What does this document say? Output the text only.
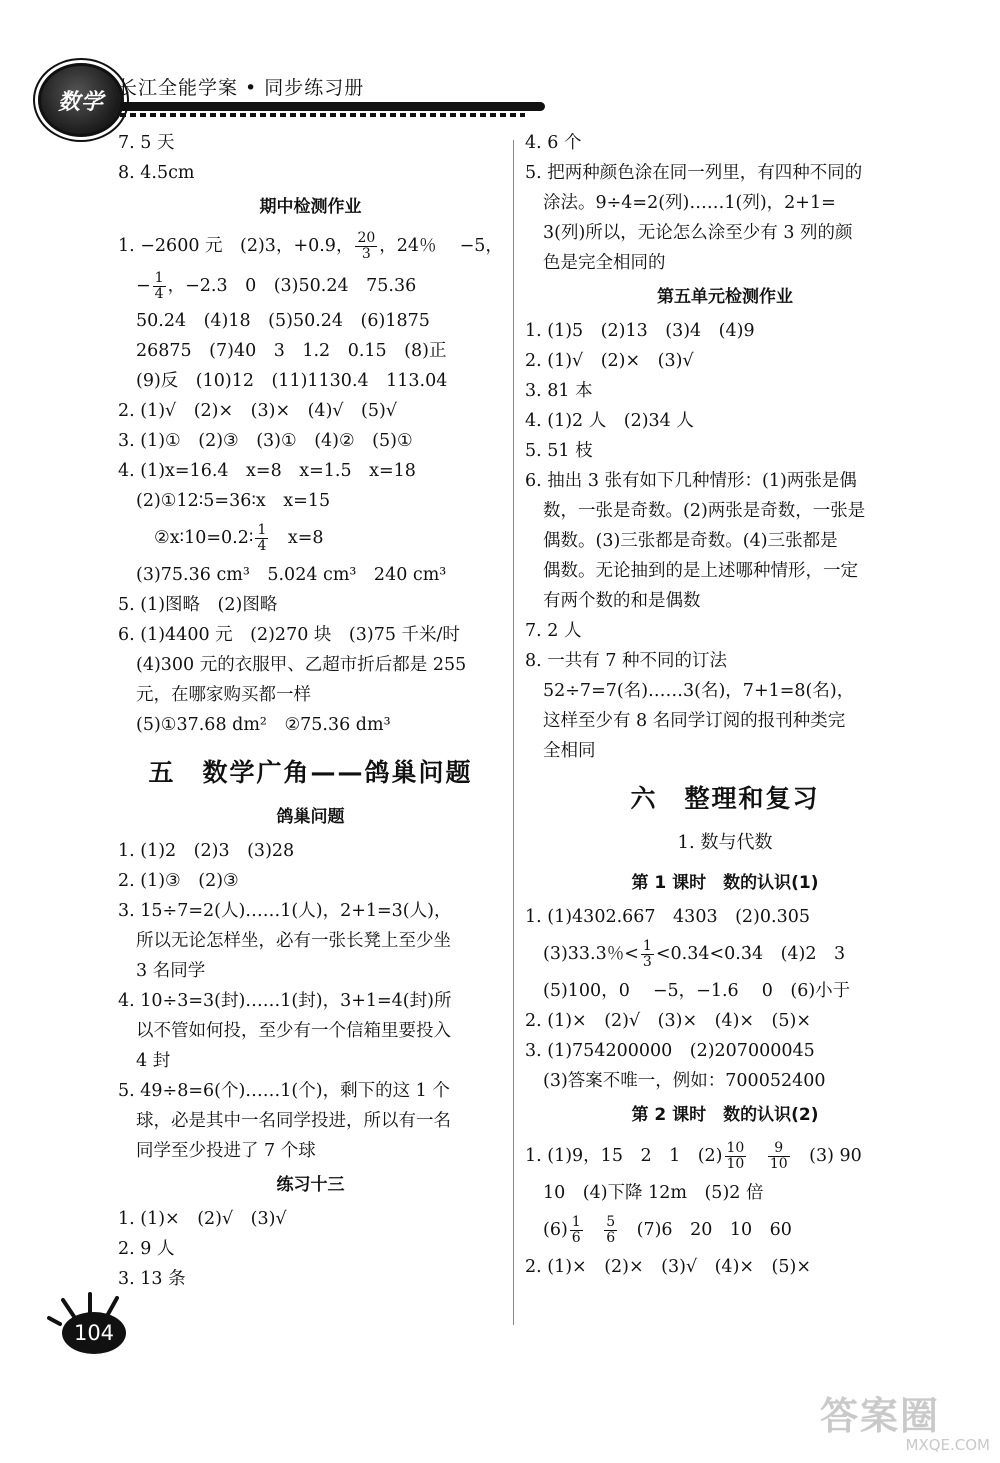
数学
长江全能学案 • 同步练习册
7. 5 天
8. 4.5cm
期中检测作业
1. −2600 元　(2)3，+0.9， $\frac{20}{3}$ ，24％　 −5，
− $\frac{1}{4}$ ，−2.3　0　(3)50.24　75.36
50.24　(4)18　(5)50.24　(6)1875
26875　(7)40　3　1.2　0.15　(8)正
(9)反　(10)12　(11)1130.4　113.04
2. (1)√　(2)×　(3)×　(4)√　(5)√
3. (1)①　(2)③　(3)①　(4)②　(5)①
4. (1)x=16.4　x=8　x=1.5　x=18
(2)①12∶5=36∶x　x=15
②x∶10=0.2∶ $\frac{1}{4}$ 　x=8
(3)75.36 cm³　5.024 cm³　240 cm³
5. (1)图略　(2)图略
6. (1)4400 元　(2)270 块　(3)75 千米/时
(4)300 元的衣服甲、乙超市折后都是 255
元，在哪家购买都一样
(5)①37.68 dm²　②75.36 dm³
五　数学广角——鸽巢问题
鸽巢问题
1. (1)2　(2)3　(3)28
2. (1)③　(2)③
3. 15÷7=2(人)……1(人)，2+1=3(人)，
所以无论怎样坐，必有一张长凳上至少坐
3 名同学
4. 10÷3=3(封)……1(封)，3+1=4(封)所
以不管如何投，至少有一个信箱里要投入
4 封
5. 49÷8=6(个)……1(个)，剩下的这 1 个
球，必是其中一名同学投进，所以有一名
同学至少投进了 7 个球
练习十三
1. (1)×　(2)√　(3)√
2. 9 人
3. 13 条
4. 6 个
5. 把两种颜色涂在同一列里，有四种不同的
涂法。9÷4=2(列)……1(列)，2+1=
3(列)所以，无论怎么涂至少有 3 列的颜
色是完全相同的
第五单元检测作业
1. (1)5　(2)13　(3)4　(4)9
2. (1)√　(2)×　(3)√
3. 81 本
4. (1)2 人　(2)34 人
5. 51 枝
6. 抽出 3 张有如下几种情形：(1)两张是偶
数，一张是奇数。(2)两张是奇数，一张是
偶数。(3)三张都是奇数。(4)三张都是
偶数。无论抽到的是上述哪种情形，一定
有两个数的和是偶数
7. 2 人
8. 一共有 7 种不同的订法
52÷7=7(名)……3(名)，7+1=8(名)，
这样至少有 8 名同学订阅的报刊种类完
全相同
六　整理和复习
1. 数与代数
第 1 课时　数的认识(1)
1. (1)4302.667　4303　(2)0.305
(3)33.3％< $\frac{1}{3}$ <0.34<0.3̇4̇　(4)2　3
(5)100，0　 −5，−1.6　 0　(6)小于
2. (1)×　(2)√　(3)×　(4)×　(5)×
3. (1)754200000　(2)207000045
(3)答案不唯一，例如：700052400
第 2 课时　数的认识(2)
1. (1)9，15　2　1　$(2) \frac{10}{10}$
　 $\frac{9}{10}$ 　(3) 90
10　(4)下降 12m　(5)2 倍
$(6) \frac{1}{6}$
　 $\frac{5}{6}$ 　(7)6　20　10　60
2. (1)×　(2)×　(3)√　(4)×　(5)×
104
答案圈
MXQE.COM
